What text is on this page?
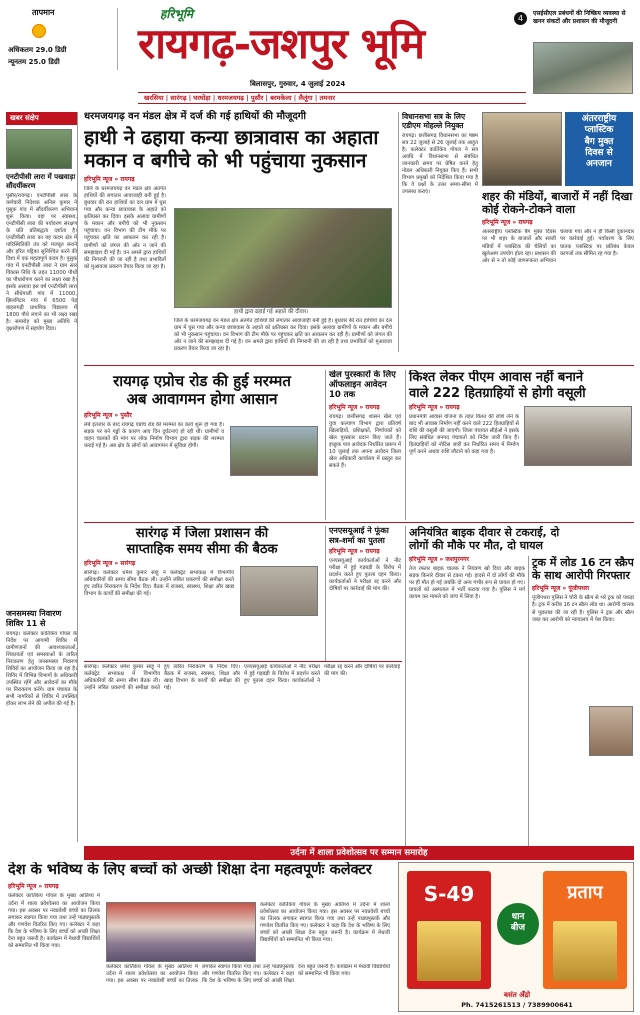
तापमान
अधिकतम 29.0 डिग्री
न्यूनतम 25.0 डिग्री
हरिभूमि
रायगढ़-जशपुर भूमि
बिलासपुर, गुरुवार, 4 जुलाई 2024
4
एसईसीएल प्रबंधनों की निष्क्रिय व्यवस्था से खनन संकटों और प्रशासन की मौजूदगी
खरसिया | सारंगढ़ | घरघोड़ा | धरमजयगढ़ | पुसौर | बरमकेला | लैलूंगा | तमनार
खबर संक्षेप
एनटीपीसी लारा में पखवाड़ा सौंदर्यीकरण
पुसौर/रायगढ़। एनटीपीसी लारा के कर्मचारी निदेशक अनिल कुमार ने पुसुक गांव में सौंदर्यीकरण अभियान शुरू किया। वहां पर स्वास्थ्य, एनटीपीसी लारा की पर्यावरण संरक्षण के प्रति प्रतिबद्धता दर्शाता है। एनटीपीसी लारा का यह कदम क्षेत्र में पारिस्थितिकी तंत्र को मजबूत बनाने और हरित पट्टिका सुनिश्चित करने की दिशा में एक महत्वपूर्ण कदम है। पुसुक गांव में एनटीपीसी लारा ने ग्राम स्तर विकास निधि के तहत 11000 पौधों का पौधारोपण करने का लक्ष्य रखा है। इसके अलावा इस वर्ष एनटीपीसी लारा ने सीधेपाली गांव में 11000, झिलगिटार गांव में 6500 पेड़ बाहलगढ़ी प्राथमिक विद्यालय में 1800 पौधे लगाने का भी लक्ष्य रखा है। समारोह को मुख्य अतिथि ने वृक्षारोपण में सहयोग दिया।
जनसमस्या निवारण शिविर 11 से
रायगढ़। कलेक्टर कार्तिकेय गोयल के निर्देश पर आगामी शिविर में ग्रामीणजनों की आवश्यकताओं, शिकायतों एवं समस्याओं के त्वरित निराकरण हेतु जनसमस्या निवारण शिविरों का आयोजन किया जा रहा है। शिविर में विभिन्न विभागों के अधिकारी उपस्थित रहेंगे और आवेदनों का मौके पर निराकरण करेंगे। ग्राम पंचायत के सभी नागरिकों से शिविर में उपस्थित होकर लाभ लेने की अपील की गई है।
धरमजयगढ़ वन मंडल क्षेत्र में दर्ज की गई हाथियों की मौजूदगी
हाथी ने ढहाया कन्या छात्रावास का अहाता
मकान व बगीचे को भी पहुंचाया नुकसान
हरिभूमि न्यूज » रायगढ़
जिले के धरमजयगढ़ वन मंडल क्षेत्र अंतर्गत हाथियों की लगातार आवाजाही बनी हुई है। बुधवार की रात हाथियों का दल ग्राम में घुस गया और कन्या छात्रावास के अहाते को क्षतिग्रस्त कर दिया। इसके अलावा ग्रामीणों के मकान और बगीचे को भी नुकसान पहुंचाया। वन विभाग की टीम मौके पर पहुंचकर क्षति का आकलन कर रही है। ग्रामीणों को जंगल की ओर न जाने की समझाइश दी गई है। वन अमले द्वारा हाथियों की निगरानी की जा रही है तथा प्रभावितों को मुआवजा प्रकरण तैयार किया जा रहा है।
हाथी द्वारा ढहाई गई अहाते की दीवार।
जिले के धरमजयगढ़ वन मंडल क्षेत्र अंतर्गत हाथियों की लगातार आवाजाही बनी हुई है। बुधवार की रात हाथियों का दल ग्राम में घुस गया और कन्या छात्रावास के अहाते को क्षतिग्रस्त कर दिया। इसके अलावा ग्रामीणों के मकान और बगीचे को भी नुकसान पहुंचाया। वन विभाग की टीम मौके पर पहुंचकर क्षति का आकलन कर रही है। ग्रामीणों को जंगल की ओर न जाने की समझाइश दी गई है। वन अमले द्वारा हाथियों की निगरानी की जा रही है तथा प्रभावितों को मुआवजा प्रकरण तैयार किया जा रहा है।
विधानसभा सत्र के लिए एडीएम मोहल्ले नियुक्त
रायगढ़। छत्तीसगढ़ विधानसभा का षष्ठम सत्र 22 जुलाई से 26 जुलाई तक आहूत है। कलेक्टर कार्तिकेय गोयल ने सत्र अवधि में विधानसभा से संबंधित जानकारी समय पर प्रेषित करने हेतु नोडल अधिकारी नियुक्त किए हैं। सभी विभाग प्रमुखों को निर्देशित किया गया है कि वे प्रश्नों के उत्तर समय-सीमा में उपलब्ध कराएं।
अंतरराष्ट्रीय
प्लास्टिक
बैग मुक्त
दिवस से
अनजान
शहर की मंडियों, बाजारों में नहीं दिखा कोई रोकने-टोकने वाला
हरिभूमि न्यूज » रायगढ़
अंतरराष्ट्रीय प्लास्टिक बैग मुक्त दिवस पर भी शहर के बाजारों और सब्जी मंडियों में प्लास्टिक की थैलियों का खुलेआम उपयोग होता रहा। प्रशासन की ओर से न तो कोई जागरूकता अभियान चलाया गया और न ही किसी दुकानदार पर कार्रवाई हुई। पर्यावरण के लिए घातक प्लास्टिक पर प्रतिबंध केवल कागजों तक सीमित रह गया है।
रायगढ़ एप्रोच रोड की हुई मरम्मत
अब आवागमन होगा आसान
हरिभूमि न्यूज » पुसौर
लंबे इंतजार के बाद रायगढ़ एप्रोच रोड की मरम्मत का कार्य शुरू हो गया है। सड़क पर बने गड्ढों के कारण आए दिन दुर्घटनाएं हो रही थीं। ग्रामीणों व वाहन चालकों की मांग पर लोक निर्माण विभाग द्वारा सड़क की मरम्मत कराई गई है। अब क्षेत्र के लोगों को आवागमन में सुविधा होगी।
खेल पुरस्कारों के लिए ऑफलाइन आवेदन 10 तक
हरिभूमि न्यूज » रायगढ़
रायगढ़। छत्तीसगढ़ शासन खेल एवं युवा कल्याण विभाग द्वारा प्रतिवर्ष खिलाड़ियों, प्रशिक्षकों, निर्णायकों को खेल पुरस्कार प्रदान किए जाते हैं। इच्छुक पात्र आवेदक निर्धारित प्रारूप में 10 जुलाई तक अपना आवेदन जिला खेल अधिकारी कार्यालय में प्रस्तुत कर सकते हैं।
किश्त लेकर पीएम आवास नहीं बनाने
वाले 222 हितग्राहियों से होगी वसूली
हरिभूमि न्यूज » रायगढ़
प्रधानमंत्री आवास योजना के तहत किश्त की राशि लेने के बाद भी आवास निर्माण नहीं करने वाले 222 हितग्राहियों से राशि की वसूली की जाएगी। जिला पंचायत सीईओ ने इसके लिए संबंधित जनपद पंचायतों को निर्देश जारी किए हैं। हितग्राहियों को नोटिस जारी कर निर्धारित समय में निर्माण पूर्ण करने अथवा राशि लौटाने को कहा गया है।
सारंगढ़ में जिला प्रशासन की
साप्ताहिक समय सीमा की बैठक
हरिभूमि न्यूज » सारंगढ़
सारंगढ़। कलेक्टर धर्मेश कुमार साहू ने कलेक्ट्रेट सभाकक्ष में विभागीय अधिकारियों की समय सीमा बैठक ली। उन्होंने लंबित प्रकरणों की समीक्षा करते हुए त्वरित निराकरण के निर्देश दिए। बैठक में राजस्व, स्वास्थ्य, शिक्षा और खाद्य विभाग के कार्यों की समीक्षा की गई।
एनएसयूआई ने फूंका सत्र-शर्मा का पुतला
हरिभूमि न्यूज » रायगढ़
एनएसयूआई कार्यकर्ताओं ने नीट परीक्षा में हुई गड़बड़ी के विरोध में प्रदर्शन करते हुए पुतला दहन किया। कार्यकर्ताओं ने परीक्षा रद्द करने और दोषियों पर कार्रवाई की मांग की।
अनियंत्रित बाइक दीवार से टकराई, दो
लोगों की मौके पर मौत, दो घायल
हरिभूमि न्यूज » जशपुरनगर
तेज रफ्तार बाइक चालक ने नियंत्रण खो दिया और बाइक सड़क किनारे दीवार से टकरा गई। हादसे में दो लोगों की मौके पर ही मौत हो गई जबकि दो अन्य गंभीर रूप से घायल हो गए। घायलों को अस्पताल में भर्ती कराया गया है। पुलिस ने मर्ग कायम कर मामले को जांच में लिया है।
ट्रक में लोड 16 टन स्क्रैप
के साथ आरोपी गिरफ्तार
हरिभूमि न्यूज » पूंजीपथरा
पूंजीपथरा पुलिस ने चोरी के स्क्रैप से भरे ट्रक को पकड़ा है। ट्रक में करीब 16 टन स्क्रैप लोड था। आरोपी चालक से पूछताछ की जा रही है। पुलिस ने ट्रक और स्क्रैप जब्त कर आरोपी को न्यायालय में पेश किया।
सारंगढ़। कलेक्टर धर्मेश कुमार साहू ने कलेक्ट्रेट सभाकक्ष में विभागीय अधिकारियों की समय सीमा बैठक ली। उन्होंने लंबित प्रकरणों की समीक्षा करते हुए त्वरित निराकरण के निर्देश दिए। बैठक में राजस्व, स्वास्थ्य, शिक्षा और खाद्य विभाग के कार्यों की समीक्षा की गई।
एनएसयूआई कार्यकर्ताओं ने नीट परीक्षा में हुई गड़बड़ी के विरोध में प्रदर्शन करते हुए पुतला दहन किया। कार्यकर्ताओं ने परीक्षा रद्द करने और दोषियों पर कार्रवाई की मांग की।
उर्दना में शाला प्रवेशोत्सव पर सम्मान समारोह
देश के भविष्य के लिए बच्चों को अच्छी शिक्षा देना महत्वपूर्णः कलेक्टर
हरिभूमि न्यूज » रायगढ़
कलेक्टर कार्तिकेय गोयल के मुख्य आतिथ्य में उर्दना में शाला प्रवेशोत्सव का आयोजन किया गया। इस अवसर पर नवप्रवेशी बच्चों का तिलक लगाकर स्वागत किया गया तथा उन्हें पाठ्यपुस्तकें और गणवेश वितरित किए गए। कलेक्टर ने कहा कि देश के भविष्य के लिए बच्चों को अच्छी शिक्षा देना बहुत जरूरी है। कार्यक्रम में मेधावी विद्यार्थियों को सम्मानित भी किया गया।
कलेक्टर कार्तिकेय गोयल के मुख्य आतिथ्य में उर्दना में शाला प्रवेशोत्सव का आयोजन किया गया। इस अवसर पर नवप्रवेशी बच्चों का तिलक लगाकर स्वागत किया गया तथा उन्हें पाठ्यपुस्तकें और गणवेश वितरित किए गए। कलेक्टर ने कहा कि देश के भविष्य के लिए बच्चों को अच्छी शिक्षा देना बहुत जरूरी है। कार्यक्रम में मेधावी विद्यार्थियों को सम्मानित भी किया गया।
कलेक्टर कार्तिकेय गोयल के मुख्य आतिथ्य में उर्दना में शाला प्रवेशोत्सव का आयोजन किया गया। इस अवसर पर नवप्रवेशी बच्चों का तिलक लगाकर स्वागत किया गया तथा उन्हें पाठ्यपुस्तकें और गणवेश वितरित किए गए। कलेक्टर ने कहा कि देश के भविष्य के लिए बच्चों को अच्छी शिक्षा देना बहुत जरूरी है। कार्यक्रम में मेधावी विद्यार्थियों को सम्मानित भी किया गया।
S-49	प्रताप
धान
बीज
बसंत अँद्रो
Ph. 7415261513 / 7389900641
